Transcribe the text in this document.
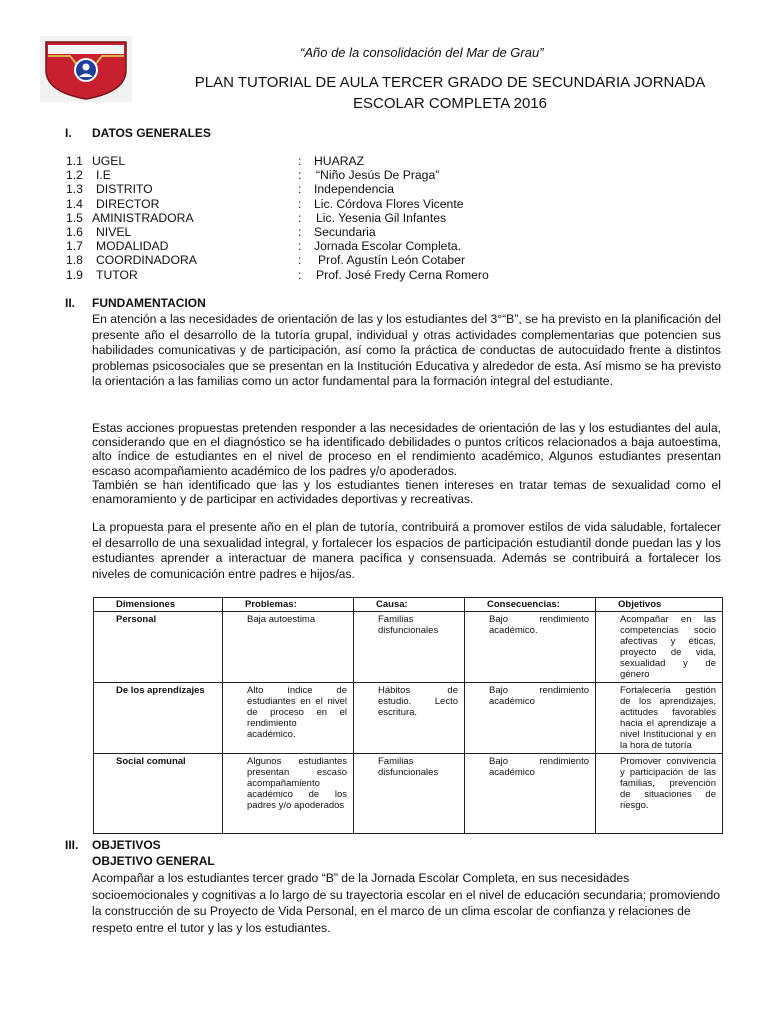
“Año de la consolidación del Mar de Grau”
PLAN TUTORIAL DE AULA TERCER GRADO DE SECUNDARIA JORNADA
ESCOLAR COMPLETA 2016
I. DATOS GENERALES
1.1 UGEL	: HUARAZ
1.2 I.E	: “Niño Jesús De Praga”
1.3 DISTRITO	: Independencia
1.4 DIRECTOR	: Lic. Córdova Flores Vicente
1.5 AMINISTRADORA	: Lic. Yesenia Gil Infantes
1.6 NIVEL	: Secundaria
1.7 MODALIDAD	: Jornada Escolar Completa.
1.8 COORDINADORA	: Prof. Agustín León Cotaber
1.9 TUTOR	: Prof. José Fredy Cerna Romero
II. FUNDAMENTACION

En atención a las necesidades de orientación de las y los estudiantes del 3°“B”, se ha previsto en la planificación del presente año el desarrollo de la tutoría grupal, individual y otras actividades complementarias que potencien sus habilidades comunicativas y de participación, así como la práctica de conductas de autocuidado frente a distintos problemas psicosociales que se presentan en la Institución Educativa y alrededor de esta. Así mismo se ha previsto la orientación a las familias como un actor fundamental para la formación integral del estudiante.

Estas acciones propuestas pretenden responder a las necesidades de orientación de las y los estudiantes del aula, considerando que en el diagnóstico se ha identificado debilidades o puntos críticos relacionados a baja autoestima, alto índice de estudiantes en el nivel de proceso en el rendimiento académico, Algunos estudiantes presentan escaso acompañamiento académico de los padres y/o apoderados.
También se han identificado que las y los estudiantes tienen intereses en tratar temas de sexualidad como el enamoramiento y de participar en actividades deportivas y recreativas.

La propuesta para el presente año en el plan de tutoría, contribuirá a promover estilos de vida saludable, fortalecer el desarrollo de una sexualidad integral, y fortalecer los espacios de participación estudiantil donde puedan las y los estudiantes aprender a interactuar de manera pacífica y consensuada. Además se contribuirá a fortalecer los niveles de comunicación entre padres e hijos/as.

Dimensiones	Problemas:	Causa:	Consecuencias:	Objetivos
Personal	Baja autoestima	Familias disfuncionales	Bajo rendimiento académico.	Acompañar en las competencias socio afectivas y éticas, proyecto de vida, sexualidad y de género
De los aprendizajes	Alto índice de estudiantes en el nivel de proceso en el rendimiento académico.	Hábitos de estudio. Lecto escritura.	Bajo rendimiento académico	Fortalecería gestión de los aprendizajes, actitudes favorables hacia el aprendizaje a nivel Institucional y en la hora de tutoría
Social comunal	Algunos estudiantes presentan escaso acompañamiento académico de los padres y/o apoderados	Familias disfuncionales	Bajo rendimiento académico	Promover convivencia y participación de las familias, prevención de situaciones de riesgo.
III. OBJETIVOS
OBJETIVO GENERAL

Acompañar a los estudiantes tercer grado “B” de la Jornada Escolar Completa, en sus necesidades socioemocionales y cognitivas a lo largo de su trayectoria escolar en el nivel de educación secundaria; promoviendo la construcción de su Proyecto de Vida Personal, en el marco de un clima escolar de confianza y relaciones de respeto entre el tutor y las y los estudiantes.
